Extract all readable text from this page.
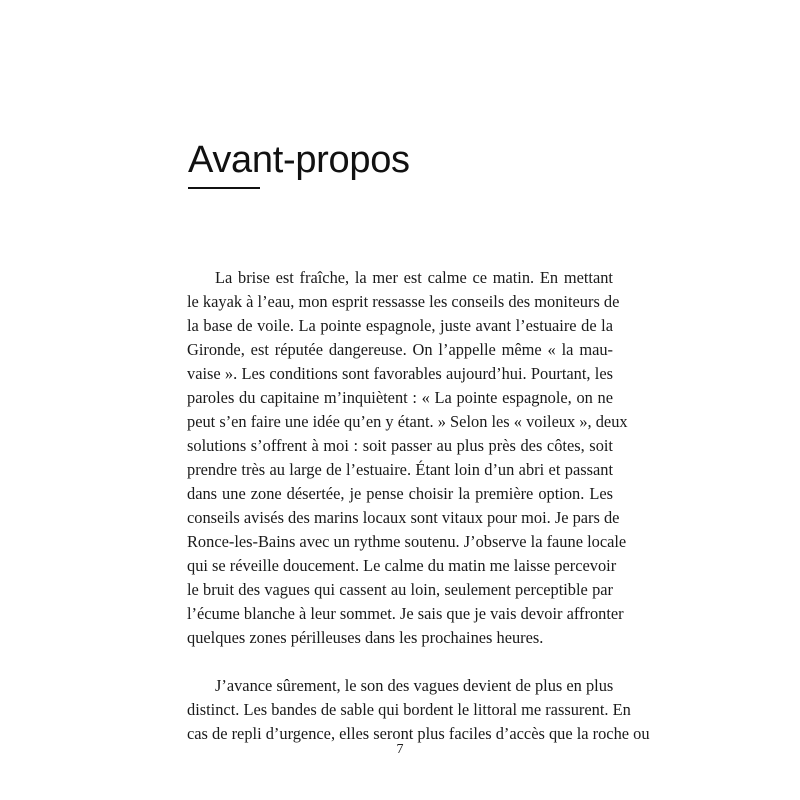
Avant-propos

La brise est fraîche, la mer est calme ce matin. En mettant
le kayak à l’eau, mon esprit ressasse les conseils des moniteurs de
la base de voile. La pointe espagnole, juste avant l’estuaire de la
Gironde, est réputée dangereuse. On l’appelle même « la mau-
vaise ». Les conditions sont favorables aujourd’hui. Pourtant, les
paroles du capitaine m’inquiètent : « La pointe espagnole, on ne
peut s’en faire une idée qu’en y étant. » Selon les « voileux », deux
solutions s’offrent à moi : soit passer au plus près des côtes, soit
prendre très au large de l’estuaire. Étant loin d’un abri et passant
dans une zone désertée, je pense choisir la première option. Les
conseils avisés des marins locaux sont vitaux pour moi. Je pars de
Ronce-les-Bains avec un rythme soutenu. J’observe la faune locale
qui se réveille doucement. Le calme du matin me laisse percevoir
le bruit des vagues qui cassent au loin, seulement perceptible par
l’écume blanche à leur sommet. Je sais que je vais devoir affronter
quelques zones périlleuses dans les prochaines heures.

J’avance sûrement, le son des vagues devient de plus en plus
distinct. Les bandes de sable qui bordent le littoral me rassurent. En
cas de repli d’urgence, elles seront plus faciles d’accès que la roche ou

7
